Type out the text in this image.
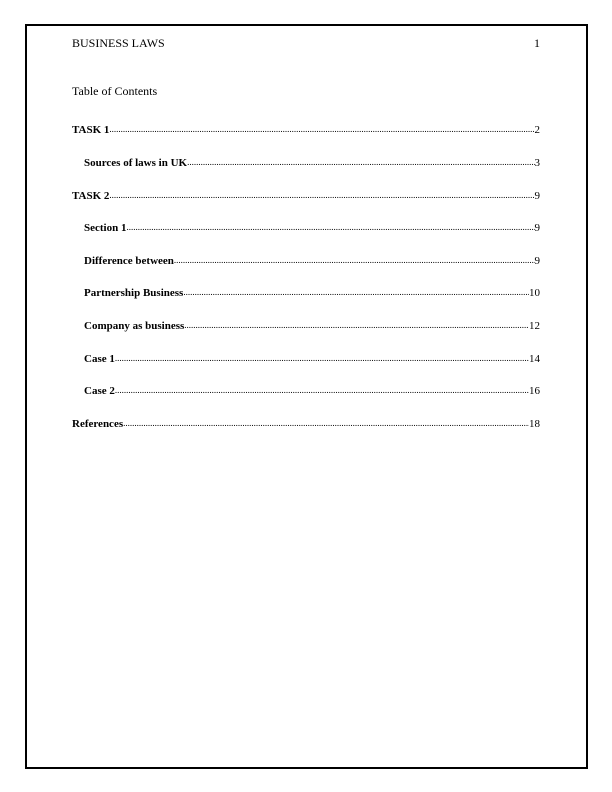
BUSINESS LAWS	1
Table of Contents
TASK 1 .....	2
Sources of laws in UK .....	3
TASK 2 .....	9
Section 1 .....	9
Difference between .....	9
Partnership Business .....	10
Company as business .....	12
Case 1 .....	14
Case 2 .....	16
References .....	18
